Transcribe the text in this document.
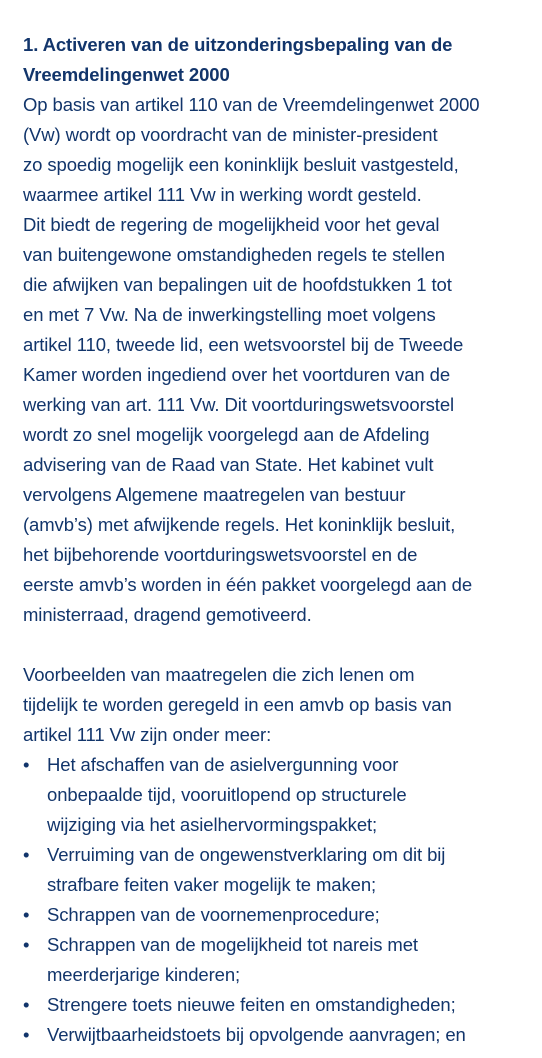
1. Activeren van de uitzonderingsbepaling van de
Vreemdelingenwet 2000
Op basis van artikel 110 van de Vreemdelingenwet 2000
(Vw) wordt op voordracht van de minister-president
zo spoedig mogelijk een koninklijk besluit vastgesteld,
waarmee artikel 111 Vw in werking wordt gesteld.
Dit biedt de regering de mogelijkheid voor het geval
van buitengewone omstandigheden regels te stellen
die afwijken van bepalingen uit de hoofdstukken 1 tot
en met 7 Vw. Na de inwerkingstelling moet volgens
artikel 110, tweede lid, een wetsvoorstel bij de Tweede
Kamer worden ingediend over het voortduren van de
werking van art. 111 Vw. Dit voortduringswetsvoorstel
wordt zo snel mogelijk voorgelegd aan de Afdeling
advisering van de Raad van State. Het kabinet vult
vervolgens Algemene maatregelen van bestuur
(amvb’s) met afwijkende regels. Het koninklijk besluit,
het bijbehorende voortduringswetsvoorstel en de
eerste amvb’s worden in één pakket voorgelegd aan de
ministerraad, dragend gemotiveerd.
Voorbeelden van maatregelen die zich lenen om
tijdelijk te worden geregeld in een amvb op basis van
artikel 111 Vw zijn onder meer:
• Het afschaffen van de asielvergunning voor
onbepaalde tijd, vooruitlopend op structurele
wijziging via het asielhervormingspakket;
• Verruiming van de ongewenstverklaring om dit bij
strafbare feiten vaker mogelijk te maken;
• Schrappen van de voornemenprocedure;
• Schrappen van de mogelijkheid tot nareis met
meerderjarige kinderen;
• Strengere toets nieuwe feiten en omstandigheden;
• Verwijtbaarheidstoets bij opvolgende aanvragen; en
